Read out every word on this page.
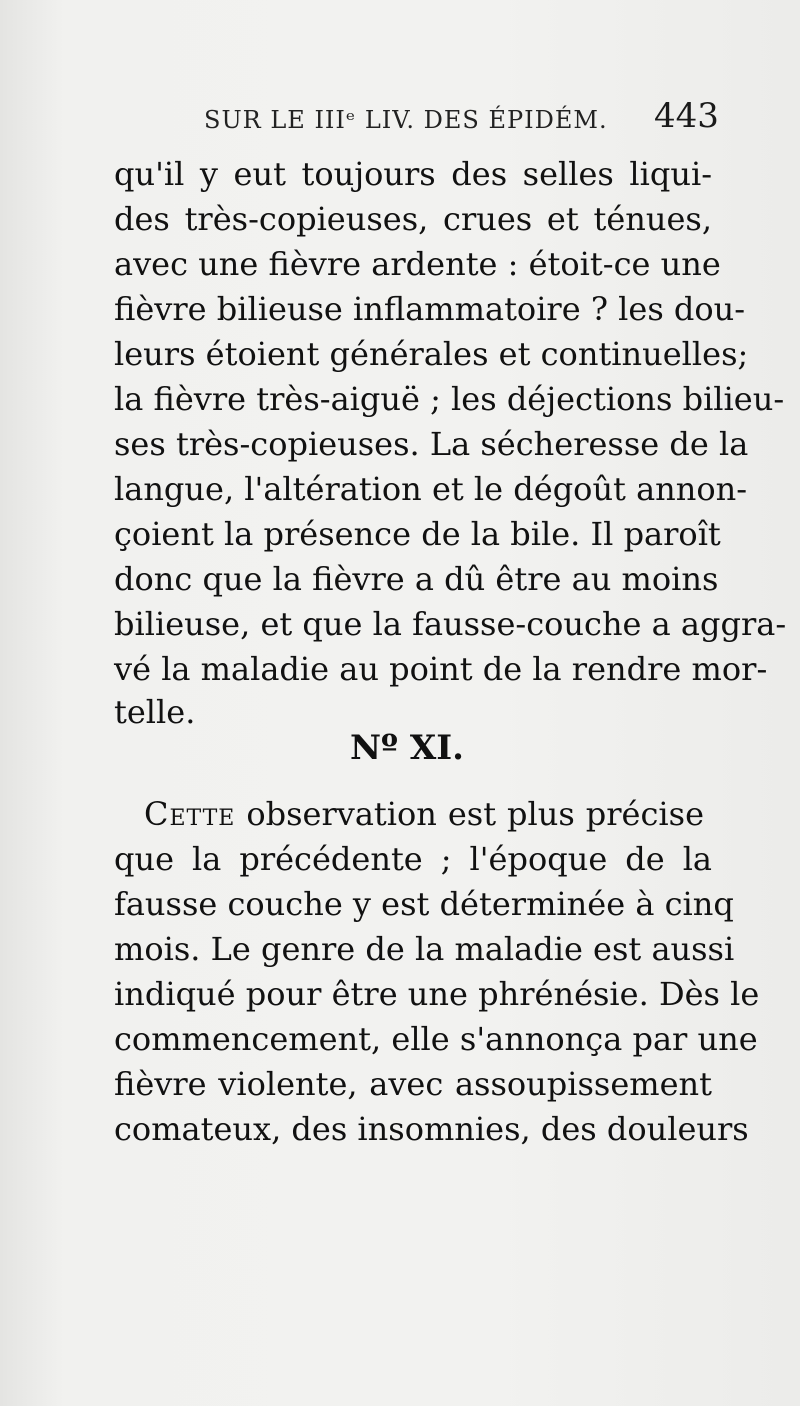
SUR LE IIIᵉ LIV. DES ÉPIDÉM. 443
qu'il y eut toujours des selles liqui-
des très-copieuses, crues et ténues,
avec une fièvre ardente : étoit-ce une
fièvre bilieuse inflammatoire ? les dou-
leurs étoient générales et continuelles;
la fièvre très-aiguë ; les déjections bilieu-
ses très-copieuses. La sécheresse de la
langue, l'altération et le dégoût annon-
çoient la présence de la bile. Il paroît
donc que la fièvre a dû être au moins
bilieuse, et que la fausse-couche a aggra-
vé la maladie au point de la rendre mor-
telle.
Nº XI.
Cette observation est plus précise
que la précédente ; l'époque de la
fausse couche y est déterminée à cinq
mois. Le genre de la maladie est aussi
indiqué pour être une phrénésie. Dès le
commencement, elle s'annonça par une
fièvre violente, avec assoupissement
comateux, des insomnies, des douleurs
